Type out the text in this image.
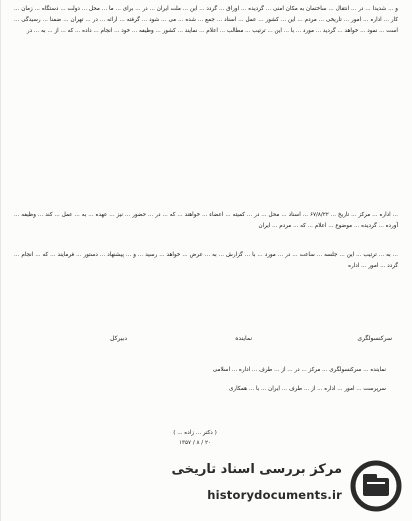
و ... شدیدا ... در ... انتقال ... ساختمان به مکان امنی ... گردیده ... اوراق ... گردد ... این ... ملت ایران ... در ... برای ... ما ... محل ... دولت ... دستگاه ... زمان ... کار ... اداره ... امور ... تاریخی ... مردم ... این ... کشور ... عمل ... اسناد ... جمع ... شده ... می ... شود ... گرفته ... ارائه ... در ... تهران ... ضمنا ... رسیدگی ... است ... نمود ... خواهد ... گردید ... مورد ... با ... این ... ترتیب ... مطالب ... اعلام ... نمایند ... کشور ... وظیفه ... خود ... انجام ... داده ... که ... از ... به ... در

... اداره ... مرکز ... تاریخ ... ۶۷/۸/۲۲ ... اسناد ... محل ... در ... کمیته ... اعضاء ... خواهند ... که ... در ... حضور ... نیز ... عهده ... به ... عمل ... کند ... وظیفه ... آورده ... گردیده ... موضوع ... اعلام ... که ... مردم ... ایران

... به ... ترتیب ... این ... جلسه ... ساعت ... در ... مورد ... با ... گزارش ... به ... عرض ... خواهد ... رسید ... و ... پیشنهاد ... دستور ... فرمایند ... که ... انجام ... گردد ... امور ... اداره

سرکنسولگری
نماینده
دبیرکل
نماینده ... سرکنسولگری ... مرکز ... در ... از ... طرف ... اداره ... اسلامی
سرپرست ... امور ... اداره ... از ... طرف ... ایران ... با ... همکاری
( دکتر ... زاده ... )
۲۰ / ۸ / ۱۳۵۷
مرکز بررسی اسناد تاریخی
historydocuments.ir
